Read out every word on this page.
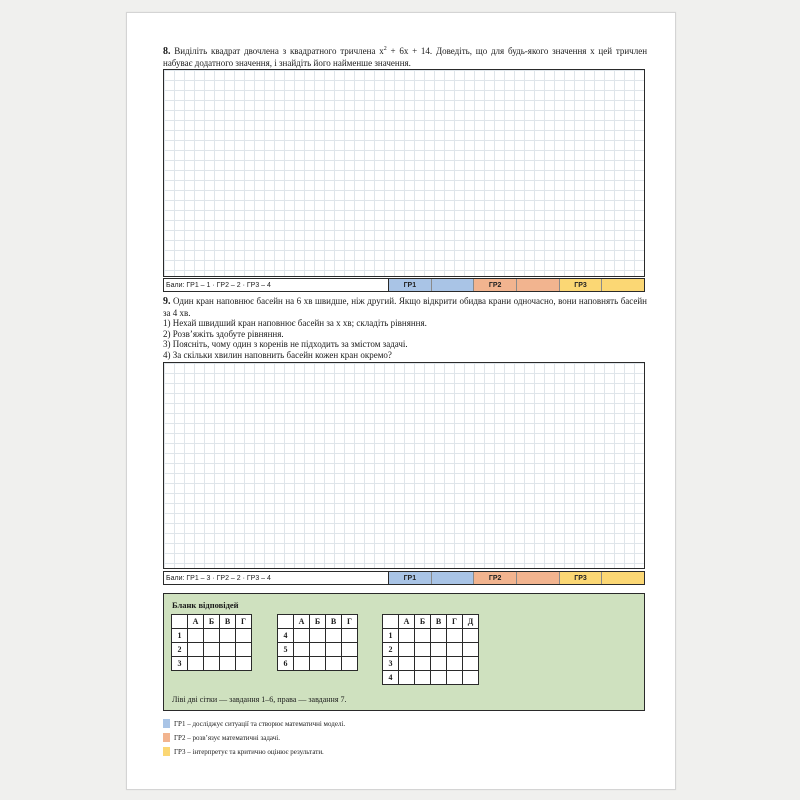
8. Виділіть квадрат двочлена з квадратного тричлена $x^2 + 6x + 14$. Доведіть, що для будь-якого значення x цей тричлен набуває додатного значення, і знайдіть його найменше значення.

Бали: ГР1 – 1 · ГР2 – 2 · ГР3 – 4	ГР1	ГР2	ГР3

9. Один кран наповнює басейн на 6 хв швидше, ніж другий. Якщо відкрити обидва крани одночасно, вони наповнять басейн за 4 хв.

1) Нехай швидший кран наповнює басейн за x хв; складіть рівняння.
2) Розв’яжіть здобуте рівняння.
3) Поясніть, чому один з коренів не підходить за змістом задачі.
4) За скільки хвилин наповнить басейн кожен кран окремо?
Бали: ГР1 – 3 · ГР2 – 2 · ГР3 – 4	ГР1	ГР2	ГР3
Бланк відповідей
	А	Б	В	Г
1				
2				
3				
	А	Б	В	Г
4				
5				
6				
	А	Б	В	Г	Д
1					
2					
3					
4					
Ліві дві сітки — завдання 1–6, права — завдання 7.
ГР1 – досліджує ситуації та створює математичні моделі.
ГР2 – розв’язує математичні задачі.
ГР3 – інтерпретує та критично оцінює результати.
